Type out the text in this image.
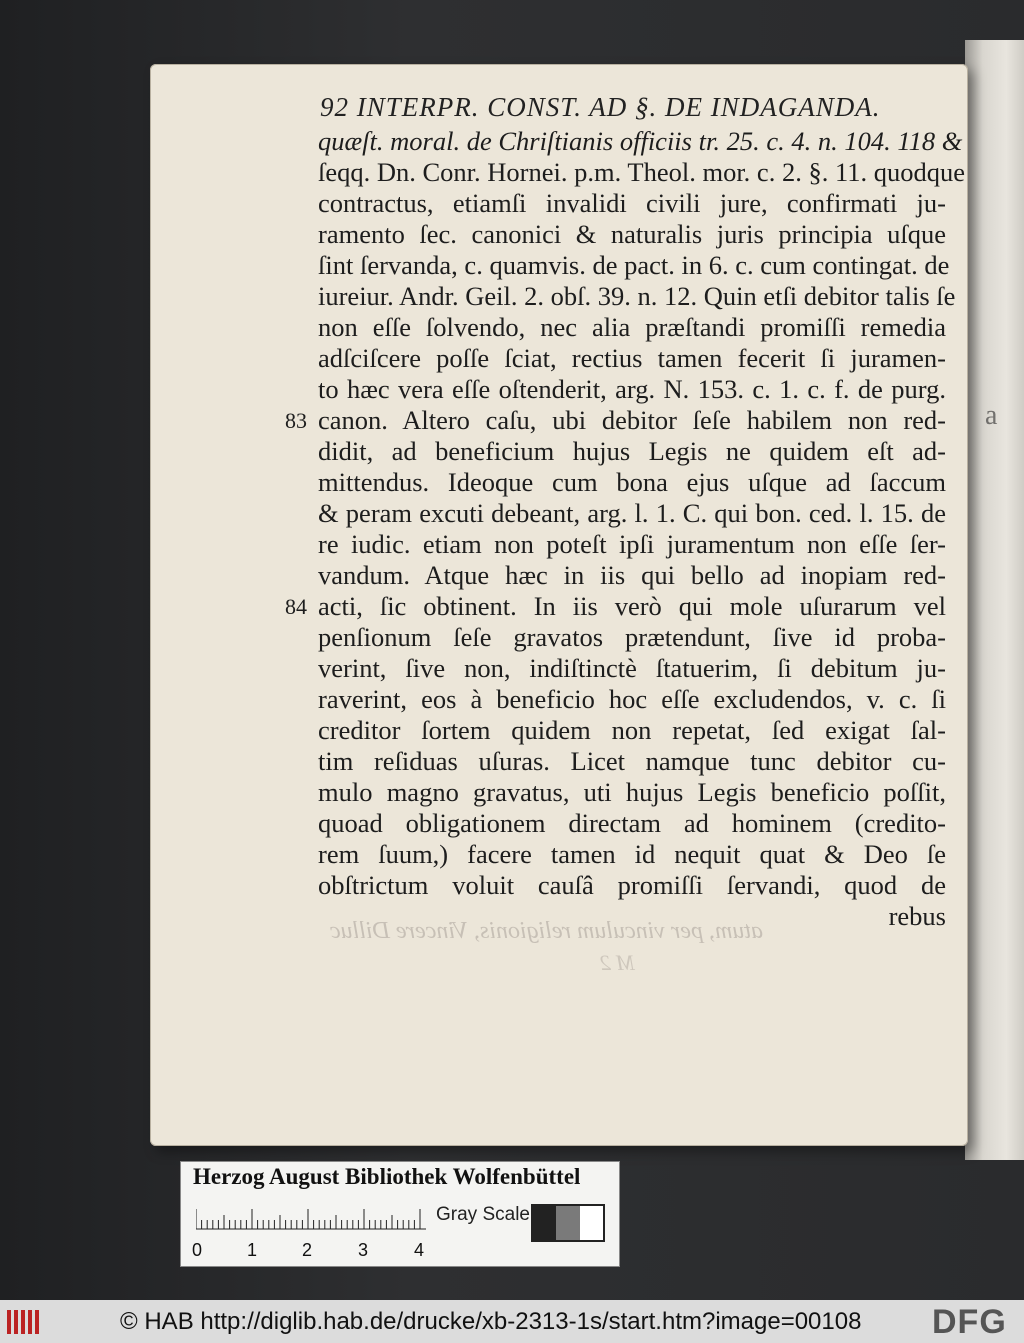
a
92 INTERPR. CONST. AD §. DE INDAGANDA.
83
84
quæſt. moral. de Chriſtianis officiis tr. 25. c. 4. n. 104. 118 &
ſeqq. Dn. Conr. Hornei. p.m. Theol. mor. c. 2. §. 11. quodque
contractus, etiamſi invalidi civili jure, confirmati ju-
ramento ſec. canonici & naturalis juris principia uſque
ſint ſervanda, c. quamvis. de pact. in 6. c. cum contingat. de
iureiur. Andr. Geil. 2. obſ. 39. n. 12. Quin etſi debitor talis ſe
non eſſe ſolvendo, nec alia præſtandi promiſſi remedia
adſciſcere poſſe ſciat, rectius tamen fecerit ſi juramen-
to hæc vera eſſe oſtenderit, arg. N. 153. c. 1. c. f. de purg.
canon. Altero caſu, ubi debitor ſeſe habilem non red-
didit, ad beneficium hujus Legis ne quidem eſt ad-
mittendus. Ideoque cum bona ejus uſque ad ſaccum
& peram excuti debeant, arg. l. 1. C. qui bon. ced. l. 15. de
re iudic. etiam non poteſt ipſi juramentum non eſſe ſer-
vandum. Atque hæc in iis qui bello ad inopiam red-
acti, ſic obtinent. In iis verò qui mole uſurarum vel
penſionum ſeſe gravatos prætendunt, ſive id proba-
verint, ſive non, indiſtinctè ſtatuerim, ſi debitum ju-
raverint, eos à beneficio hoc eſſe excludendos, v. c. ſi
creditor ſortem quidem non repetat, ſed exigat ſal-
tim reſiduas uſuras. Licet namque tunc debitor cu-
mulo magno gravatus, uti hujus Legis beneficio poſſit,
quoad obligationem directam ad hominem (credito-
rem ſuum,) facere tamen id nequit quat & Deo ſe
obſtrictum voluit cauſâ promiſſi ſervandi, quod de
rebus
atum, per vinculum religionis, Vincere Dilluc
M 2
Herzog August Bibliothek Wolfenbüttel
0 1 2	3	4
Gray Scale
© HAB http://diglib.hab.de/drucke/xb-2313-1s/start.htm?image=00108 DFG
